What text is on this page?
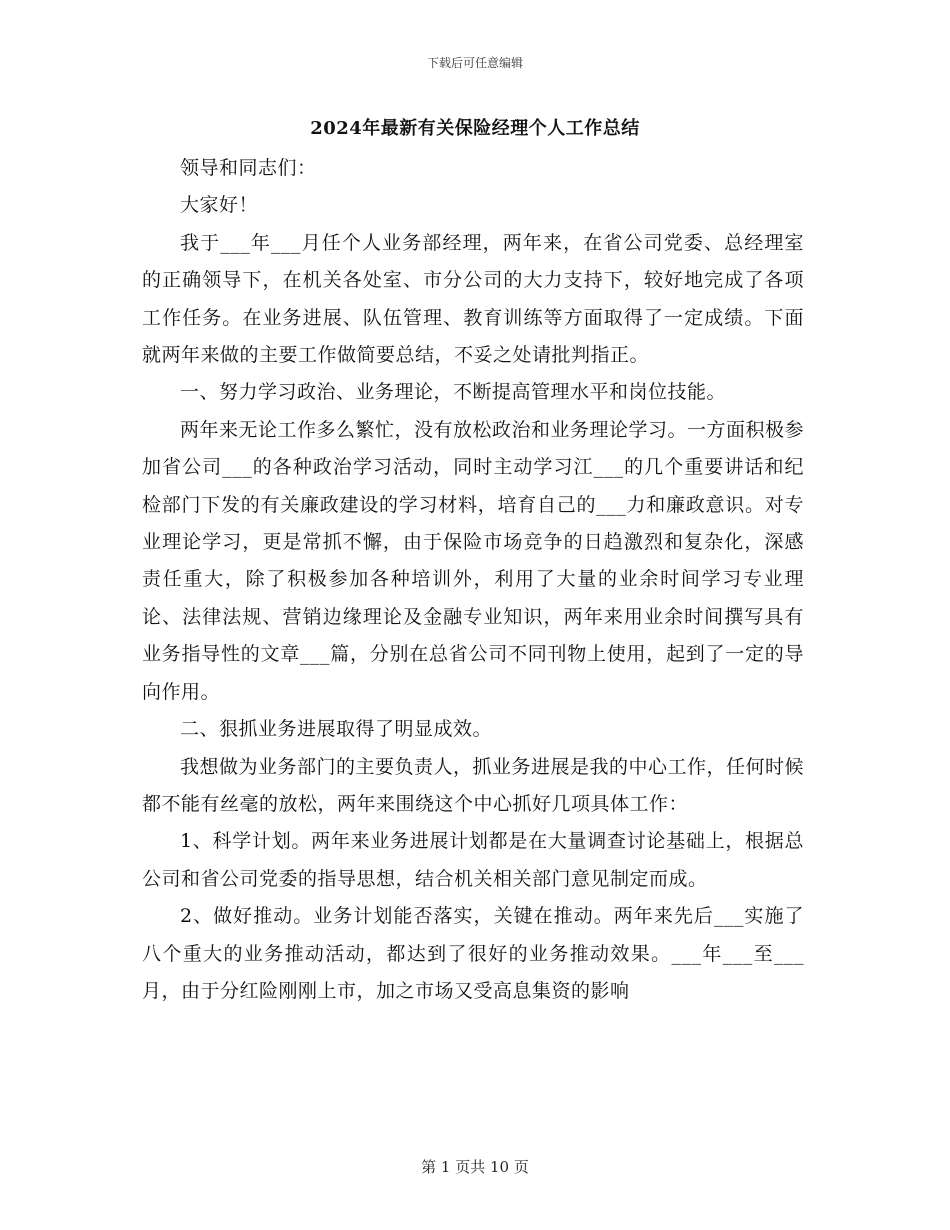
下载后可任意编辑
2024年最新有关保险经理个人工作总结

领导和同志们：

大家好！

我于___年___月任个人业务部经理，两年来，在省公司党委、总经理室的正确领导下，在机关各处室、市分公司的大力支持下，较好地完成了各项工作任务。在业务进展、队伍管理、教育训练等方面取得了一定成绩。下面就两年来做的主要工作做简要总结，不妥之处请批判指正。

一、努力学习政治、业务理论，不断提高管理水平和岗位技能。

两年来无论工作多么繁忙，没有放松政治和业务理论学习。一方面积极参加省公司___的各种政治学习活动，同时主动学习江___的几个重要讲话和纪检部门下发的有关廉政建设的学习材料，培育自己的___力和廉政意识。对专业理论学习，更是常抓不懈，由于保险市场竞争的日趋激烈和复杂化，深感责任重大，除了积极参加各种培训外，利用了大量的业余时间学习专业理论、法律法规、营销边缘理论及金融专业知识，两年来用业余时间撰写具有业务指导性的文章___篇，分别在总省公司不同刊物上使用，起到了一定的导向作用。

二、狠抓业务进展取得了明显成效。

我想做为业务部门的主要负责人，抓业务进展是我的中心工作，任何时候都不能有丝毫的放松，两年来围绕这个中心抓好几项具体工作：

1、科学计划。两年来业务进展计划都是在大量调查讨论基础上，根据总公司和省公司党委的指导思想，结合机关相关部门意见制定而成。

2、做好推动。业务计划能否落实，关键在推动。两年来先后___实施了八个重大的业务推动活动，都达到了很好的业务推动效果。___年___至___月，由于分红险刚刚上市，加之市场又受高息集资的影响

第 1 页共 10 页
